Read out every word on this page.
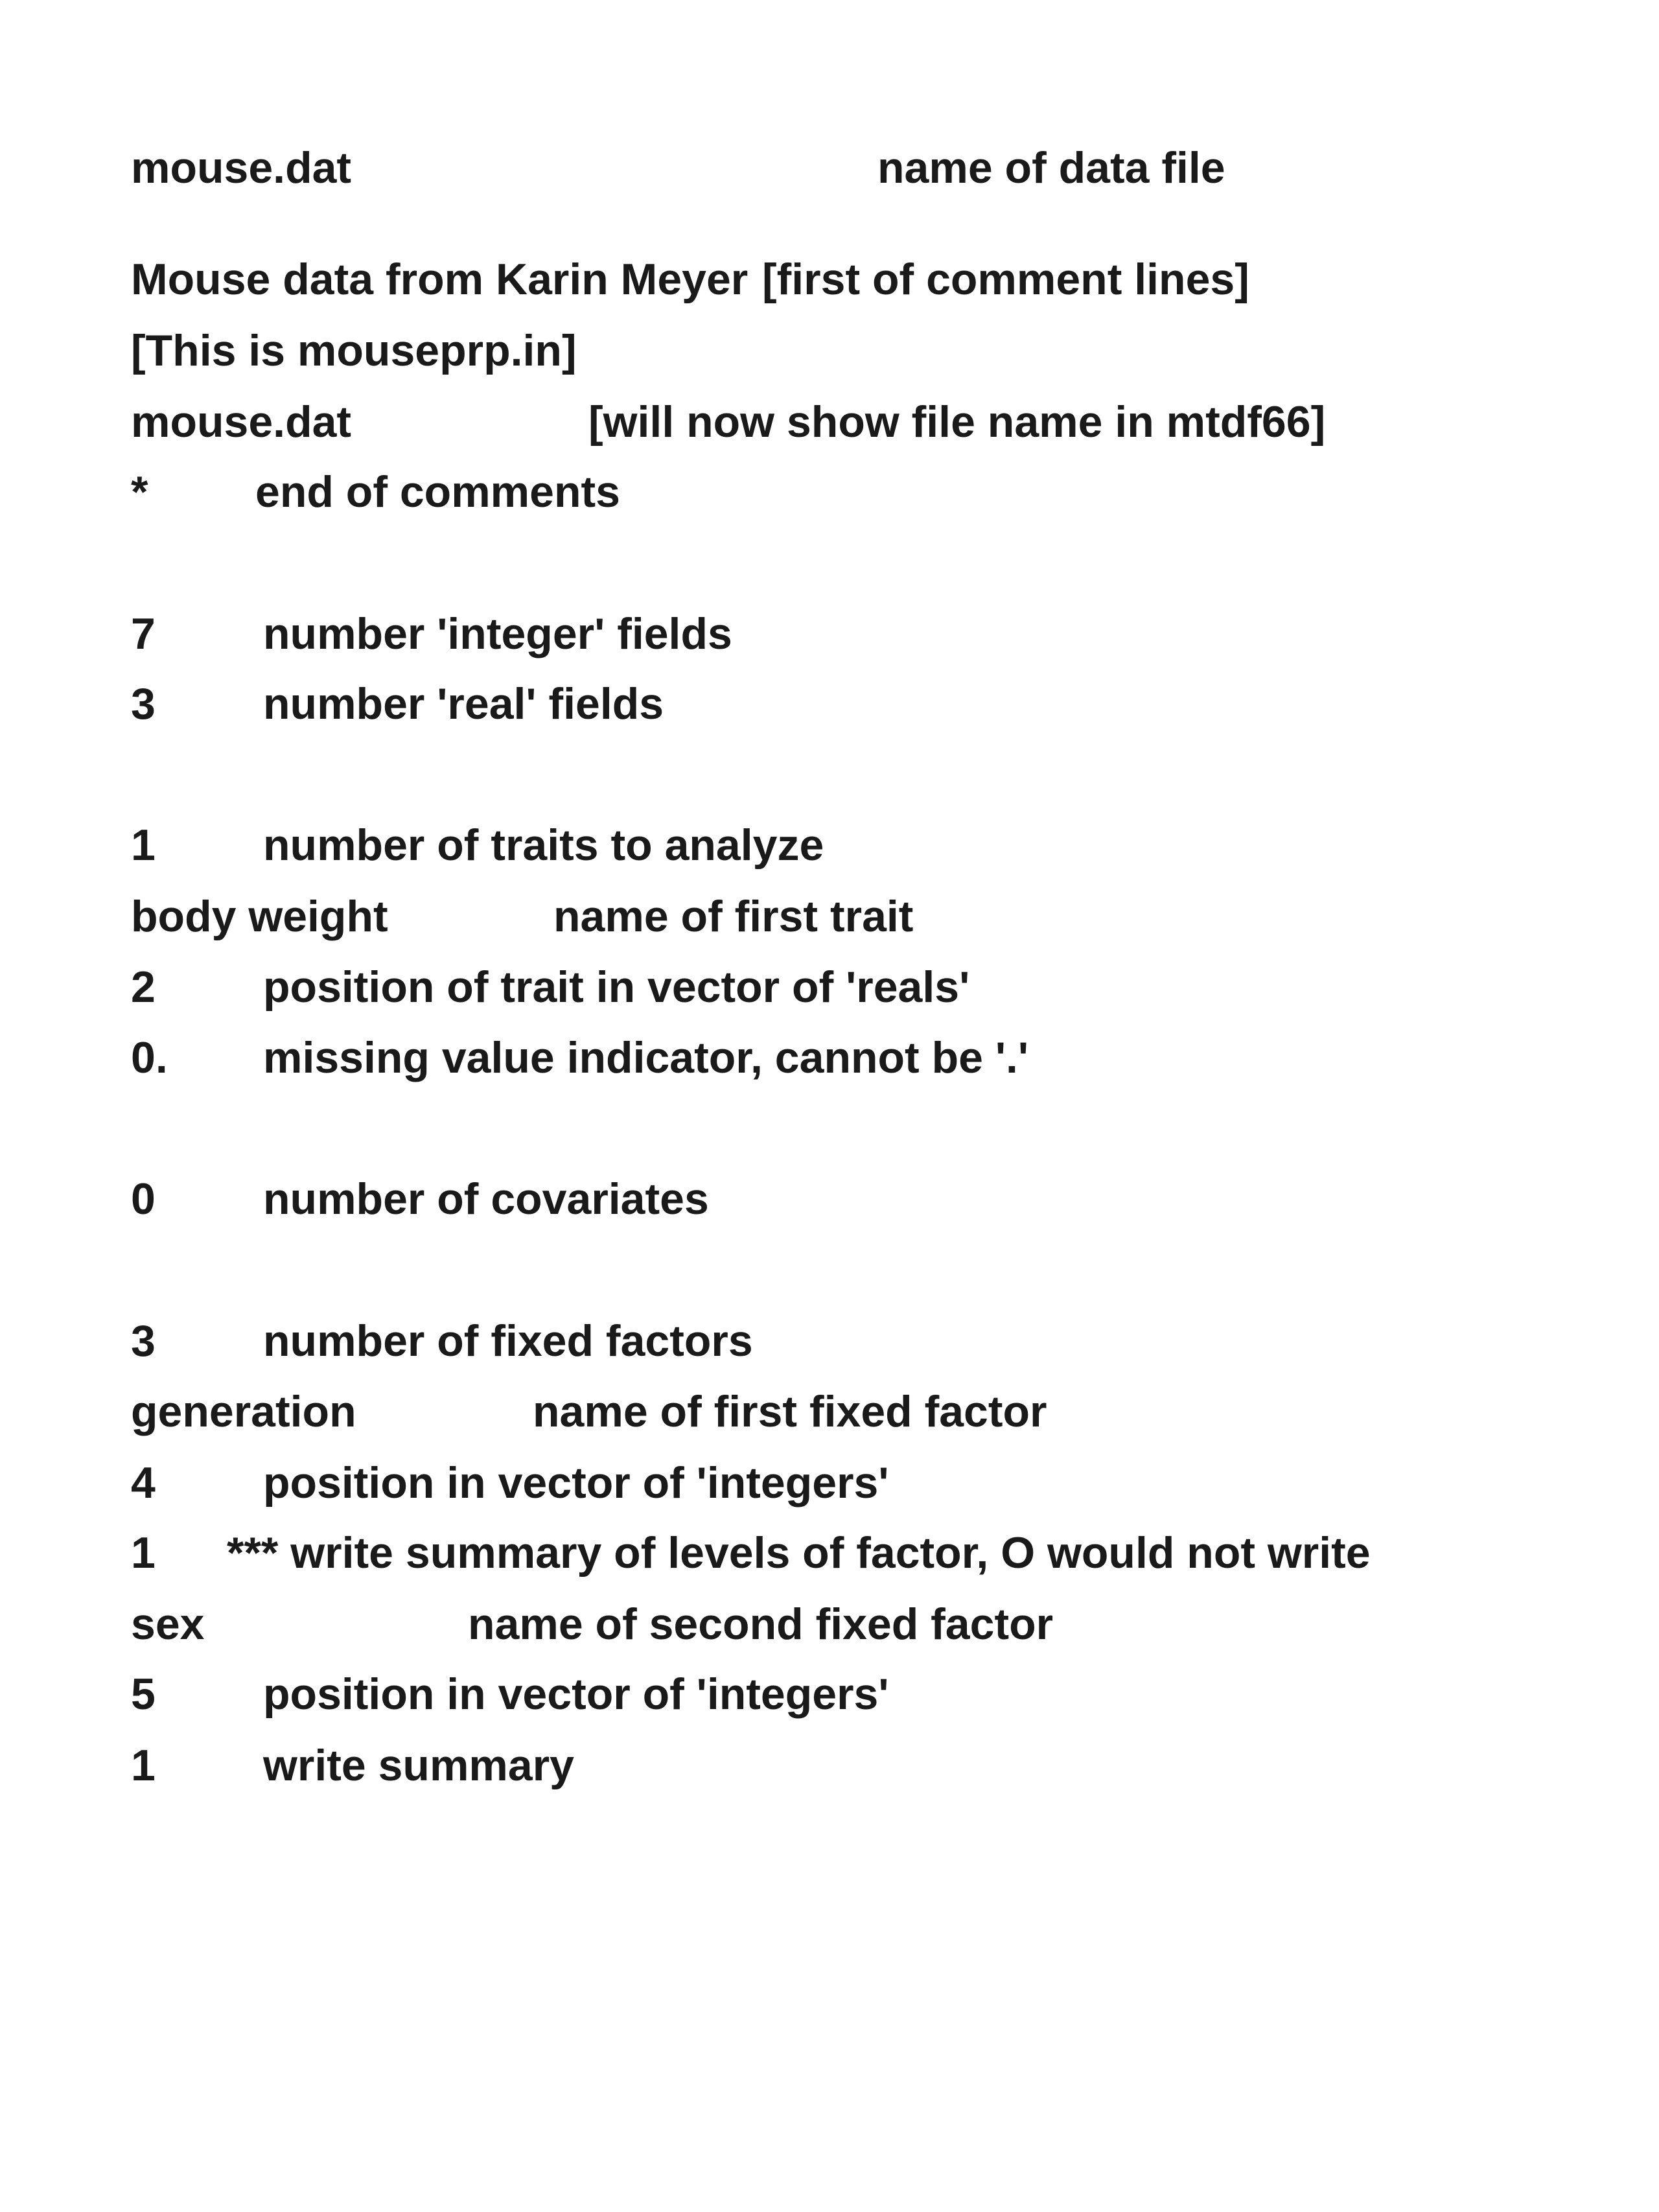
mouse.dat	name of data file
Mouse data from Karin Meyer [first of comment lines]
[This is mouseprp.in]
mouse.dat	[will now show file name in mtdf66]
* end of comments
7 number 'integer' fields
3 number 'real' fields
1 number of traits to analyze
body weight	name of first trait
2 position of trait in vector of 'reals'
0. missing value indicator, cannot be '.'
0 number of covariates
3 number of fixed factors
generation	name of first fixed factor
4 position in vector of 'integers'
1 *** write summary of levels of factor, O would not write
sex	name of second fixed factor
5 position in vector of 'integers'
1 write summary
